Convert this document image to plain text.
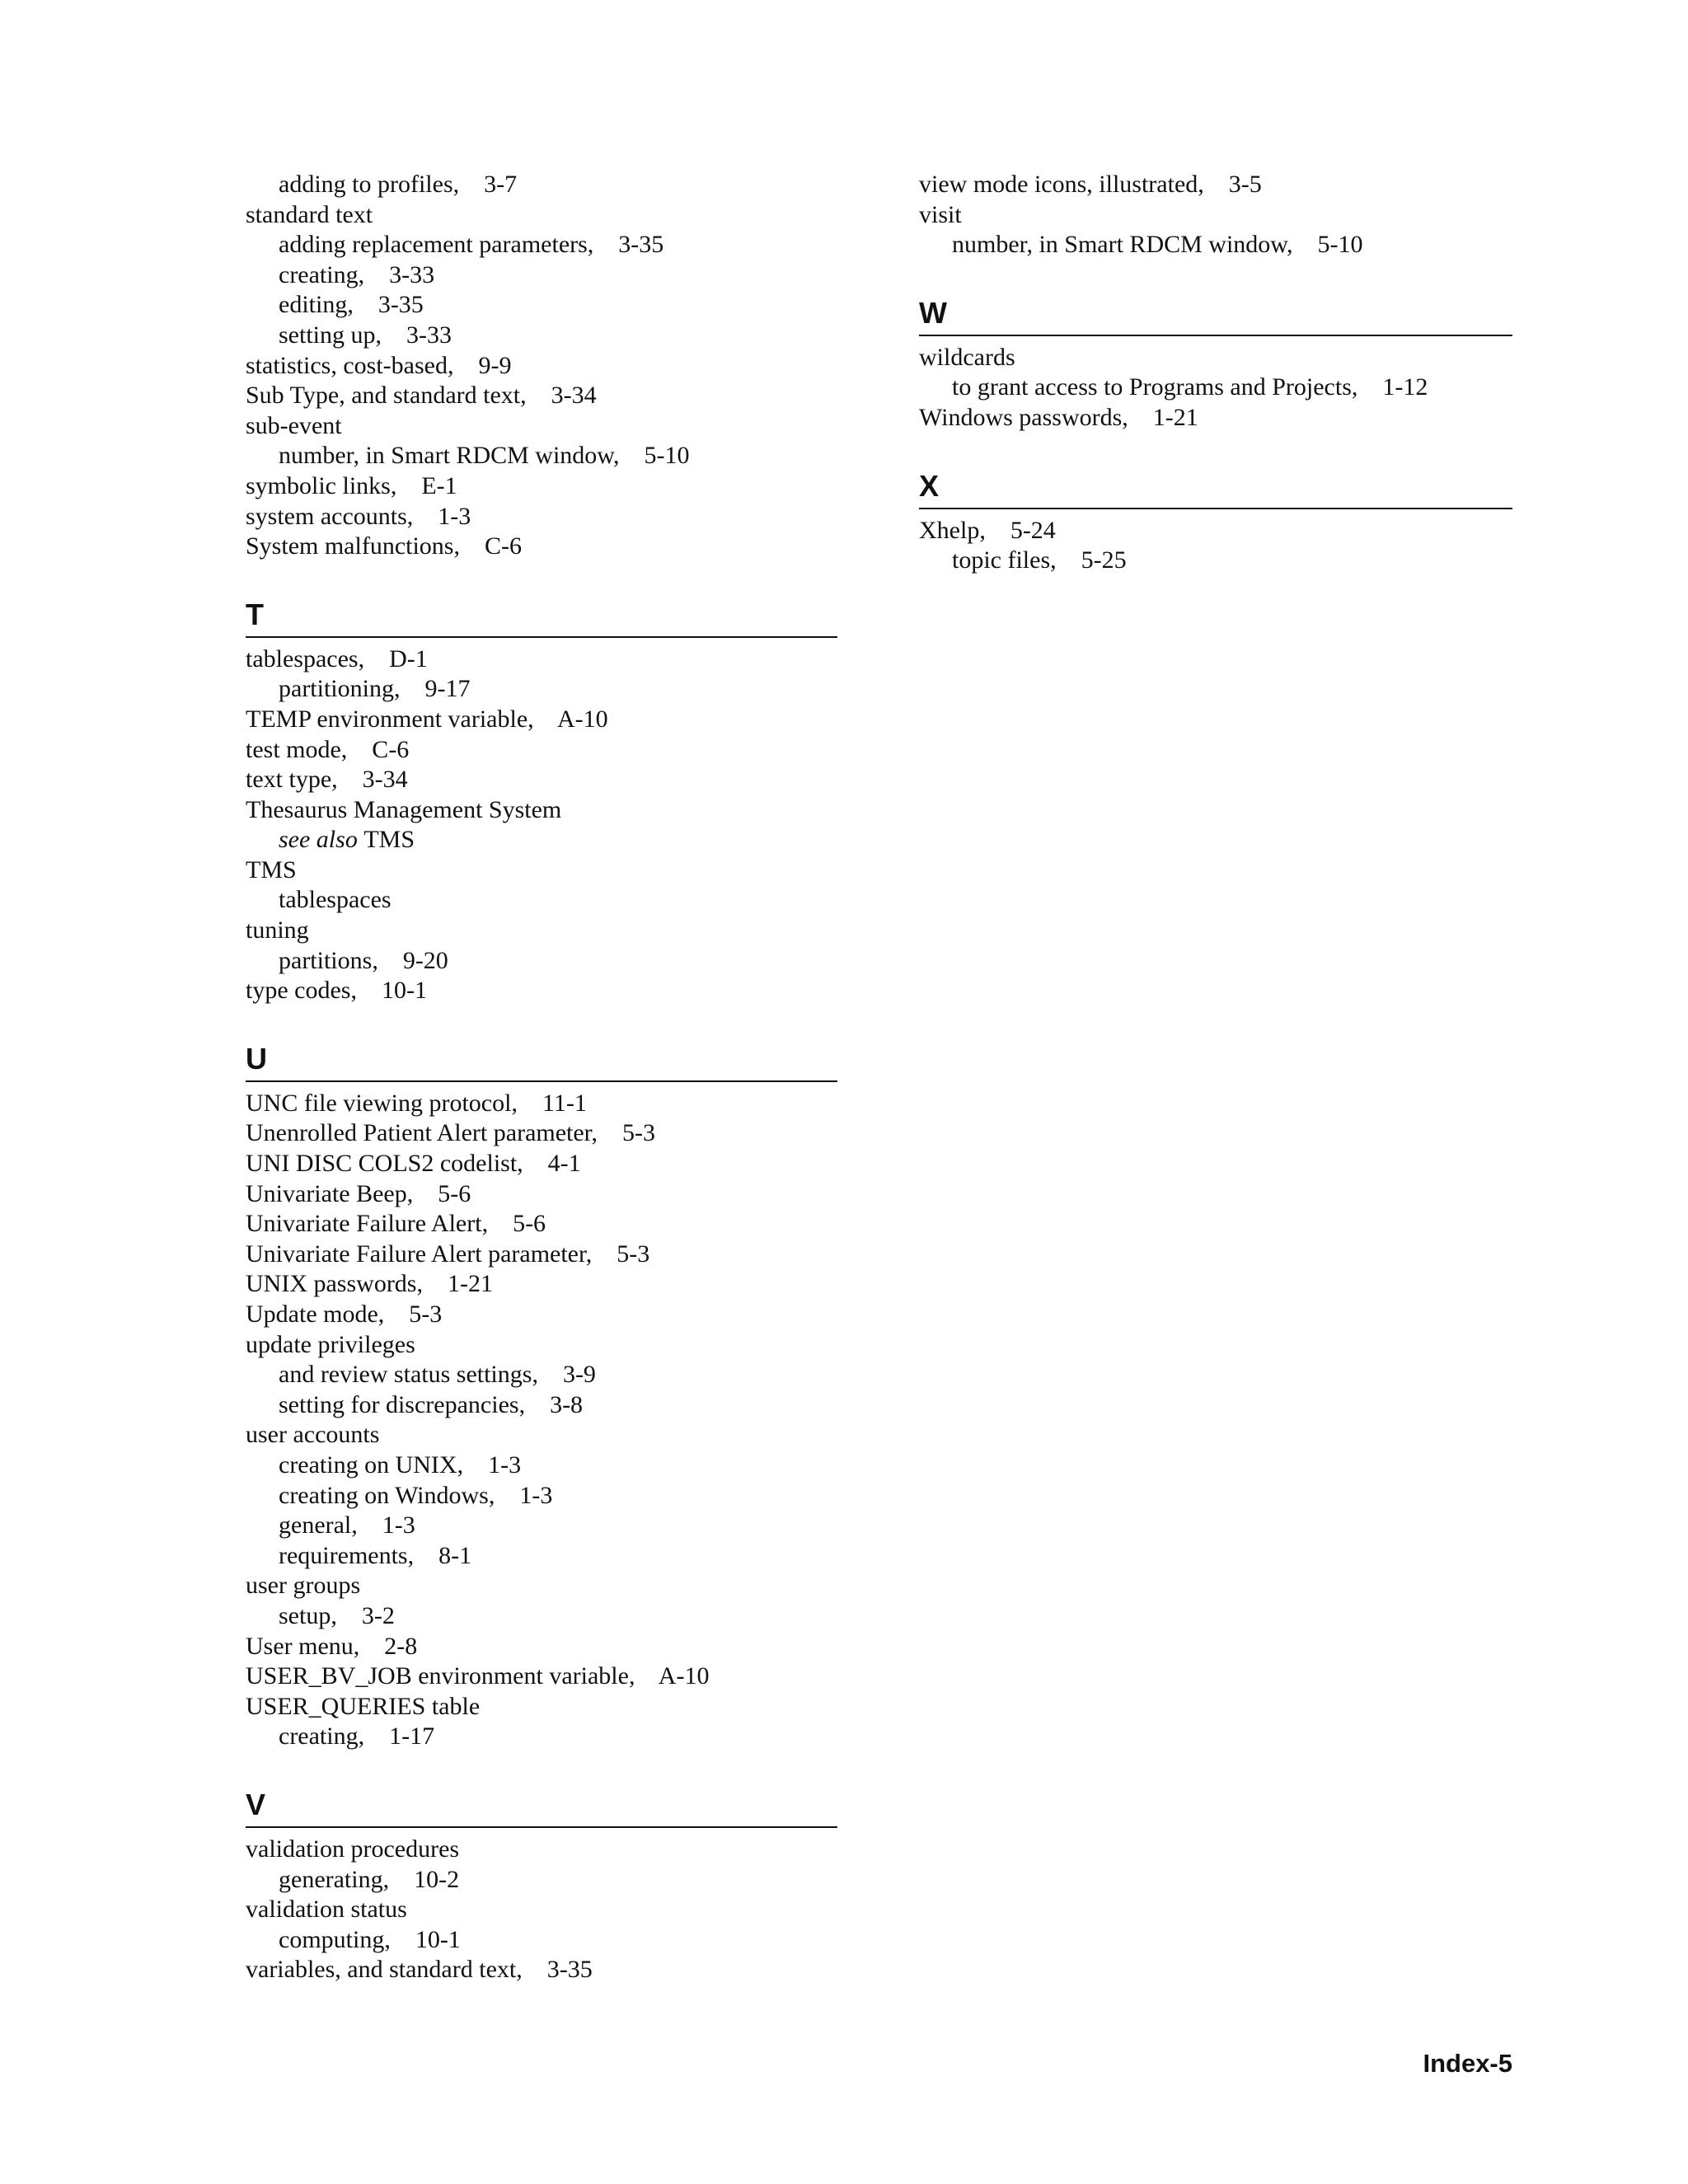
adding to profiles,    3-7
standard text
adding replacement parameters,    3-35
creating,    3-33
editing,    3-35
setting up,    3-33
statistics, cost-based,    9-9
Sub Type, and standard text,    3-34
sub-event
number, in Smart RDCM window,    5-10
symbolic links,    E-1
system accounts,    1-3
System malfunctions,    C-6
T
tablespaces,    D-1
partitioning,    9-17
TEMP environment variable,    A-10
test mode,    C-6
text type,    3-34
Thesaurus Management System
see also TMS
TMS
tablespaces
tuning
partitions,    9-20
type codes,    10-1
U
UNC file viewing protocol,    11-1
Unenrolled Patient Alert parameter,    5-3
UNI DISC COLS2 codelist,    4-1
Univariate Beep,    5-6
Univariate Failure Alert,    5-6
Univariate Failure Alert parameter,    5-3
UNIX passwords,    1-21
Update mode,    5-3
update privileges
and review status settings,    3-9
setting for discrepancies,    3-8
user accounts
creating on UNIX,    1-3
creating on Windows,    1-3
general,    1-3
requirements,    8-1
user groups
setup,    3-2
User menu,    2-8
USER_BV_JOB environment variable,    A-10
USER_QUERIES table
creating,    1-17
V
validation procedures
generating,    10-2
validation status
computing,    10-1
variables, and standard text,    3-35
view mode icons, illustrated,    3-5
visit
number, in Smart RDCM window,    5-10
W
wildcards
to grant access to Programs and Projects,    1-12
Windows passwords,    1-21
X
Xhelp,    5-24
topic files,    5-25
Index-5
